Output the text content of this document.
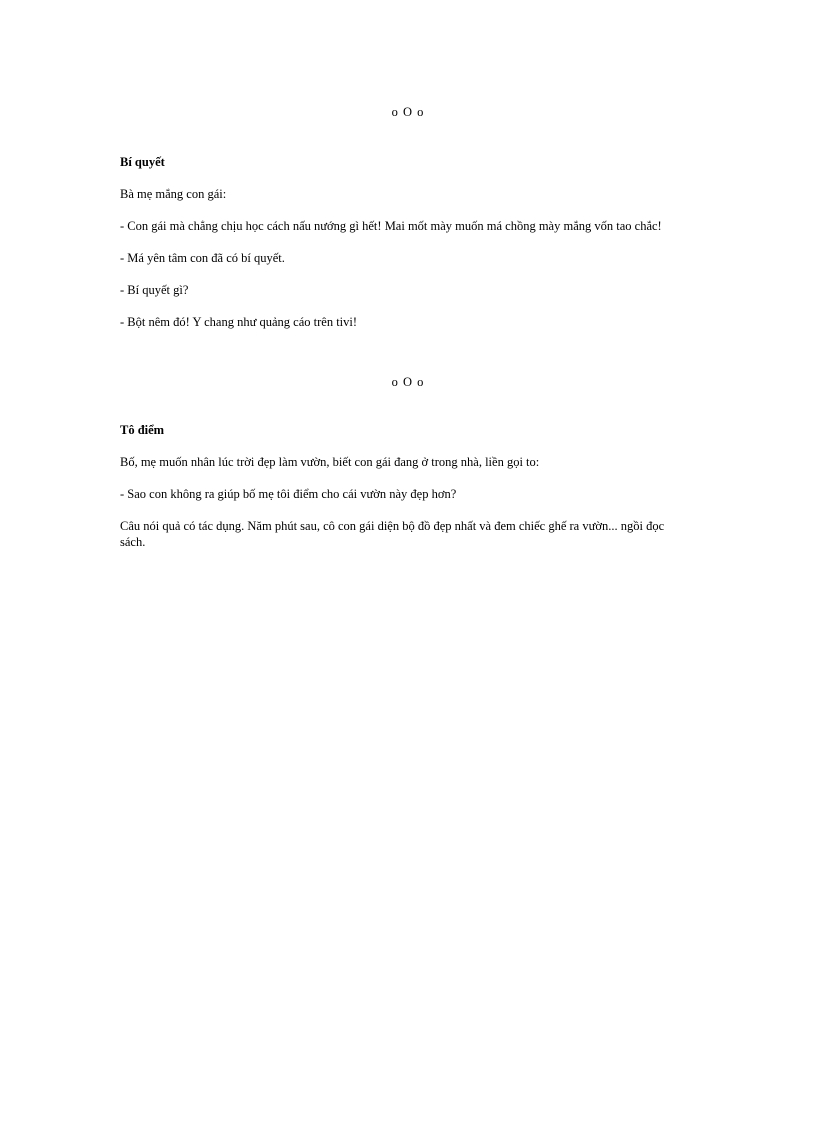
o O o
Bí quyết

Bà mẹ mắng con gái:

- Con gái mà chẳng chịu học cách nấu nướng gì hết! Mai mốt mày muốn má chồng mày mắng vốn tao chắc!

- Má yên tâm con đã có bí quyết.

- Bí quyết gì?

- Bột nêm đó! Y chang như quảng cáo trên tivi!

o O o
Tô điểm

Bố, mẹ muốn nhân lúc trời đẹp làm vườn, biết con gái đang ở trong nhà, liền gọi to:

- Sao con không ra giúp bố mẹ tôi điểm cho cái vườn này đẹp hơn?

Câu nói quả có tác dụng. Năm phút sau, cô con gái diện bộ đồ đẹp nhất và đem chiếc ghế ra vườn... ngồi đọc sách.
